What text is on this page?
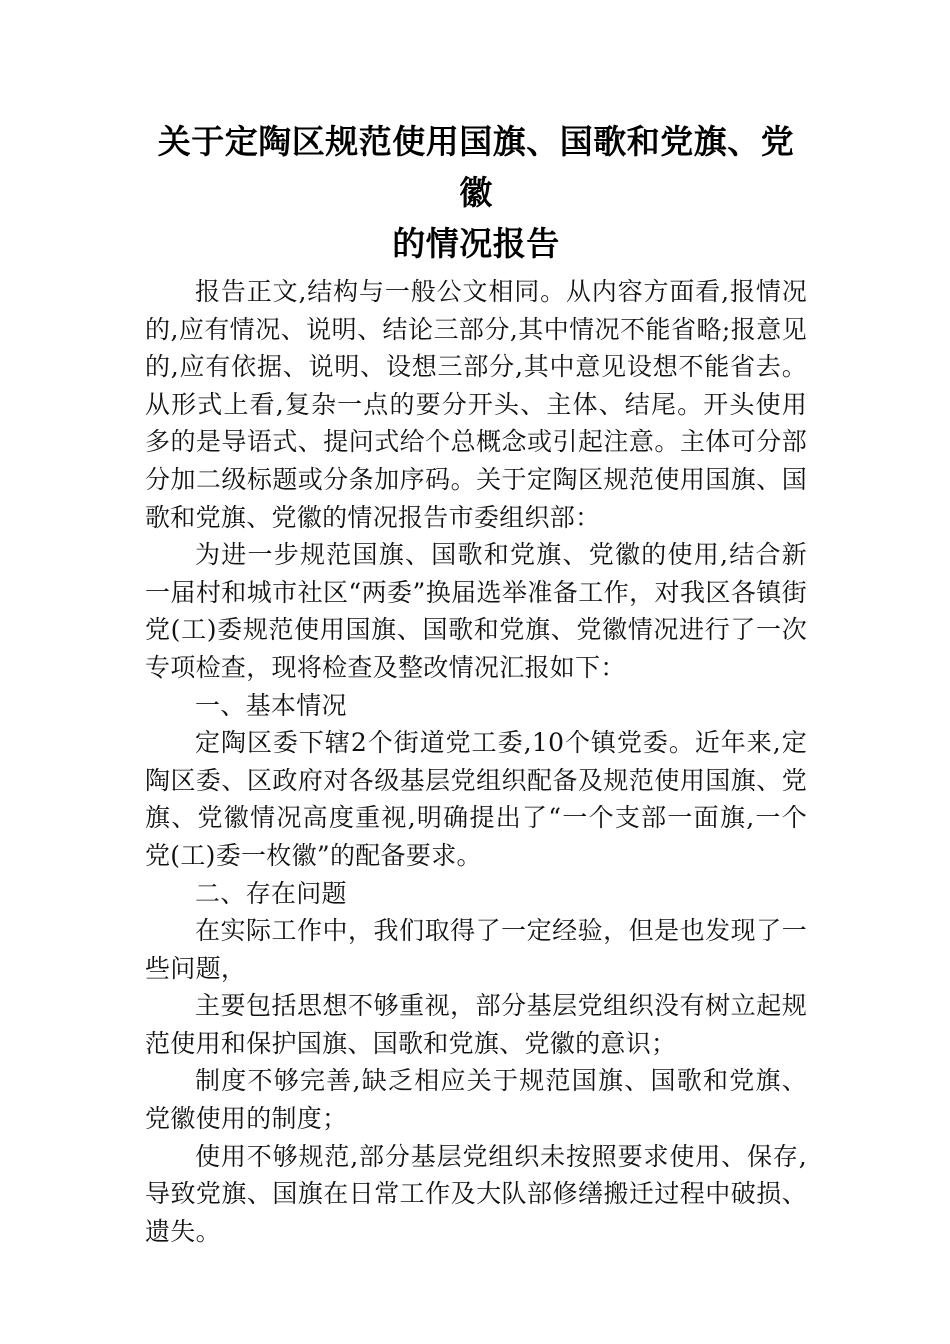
关于定陶区规范使用国旗、国歌和党旗、党徽
的情况报告

报告正文,结构与一般公文相同。从内容方面看,报情况的,应有情况、说明、结论三部分,其中情况不能省略;报意见的,应有依据、说明、设想三部分,其中意见设想不能省去。从形式上看,复杂一点的要分开头、主体、结尾。开头使用多的是导语式、提问式给个总概念或引起注意。主体可分部分加二级标题或分条加序码。关于定陶区规范使用国旗、国歌和党旗、党徽的情况报告市委组织部：

为进一步规范国旗、国歌和党旗、党徽的使用,结合新一届村和城市社区“两委”换届选举准备工作，对我区各镇街党(工)委规范使用国旗、国歌和党旗、党徽情况进行了一次专项检查，现将检查及整改情况汇报如下：

一、基本情况

定陶区委下辖2个街道党工委,10个镇党委。近年来,定陶区委、区政府对各级基层党组织配备及规范使用国旗、党旗、党徽情况高度重视,明确提出了“一个支部一面旗,一个党(工)委一枚徽”的配备要求。

二、存在问题

在实际工作中，我们取得了一定经验，但是也发现了一些问题，

主要包括思想不够重视，部分基层党组织没有树立起规范使用和保护国旗、国歌和党旗、党徽的意识；

制度不够完善,缺乏相应关于规范国旗、国歌和党旗、党徽使用的制度；

使用不够规范,部分基层党组织未按照要求使用、保存,导致党旗、国旗在日常工作及大队部修缮搬迁过程中破损、遗失。
